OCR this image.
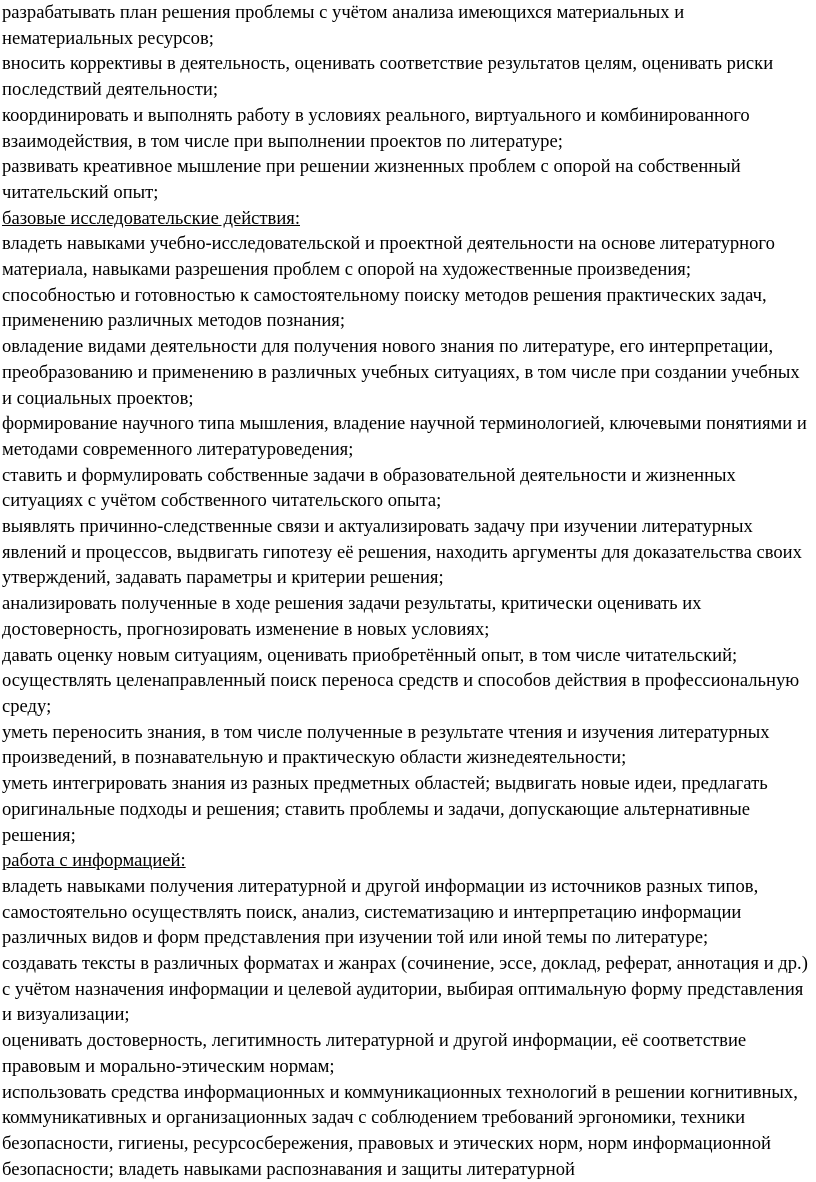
разрабатывать план решения проблемы с учётом анализа имеющихся материальных и нематериальных ресурсов;

вносить коррективы в деятельность, оценивать соответствие результатов целям, оценивать риски последствий деятельности;

координировать и выполнять работу в условиях реального, виртуального и комбинированного взаимодействия, в том числе при выполнении проектов по литературе;

развивать креативное мышление при решении жизненных проблем с опорой на собственный читательский опыт;

базовые исследовательские действия:

владеть навыками учебно-исследовательской и проектной деятельности на основе литературного материала, навыками разрешения проблем с опорой на художественные произведения;

способностью и готовностью к самостоятельному поиску методов решения практических задач, применению различных методов познания;

овладение видами деятельности для получения нового знания по литературе, его интерпретации, преобразованию и применению в различных учебных ситуациях, в том числе при создании учебных и социальных проектов;

формирование научного типа мышления, владение научной терминологией, ключевыми понятиями и методами современного литературоведения;

ставить и формулировать собственные задачи в образовательной деятельности и жизненных ситуациях с учётом собственного читательского опыта;

выявлять причинно-следственные связи и актуализировать задачу при изучении литературных явлений и процессов, выдвигать гипотезу её решения, находить аргументы для доказательства своих утверждений, задавать параметры и критерии решения;

анализировать полученные в ходе решения задачи результаты, критически оценивать их достоверность, прогнозировать изменение в новых условиях;

давать оценку новым ситуациям, оценивать приобретённый опыт, в том числе читательский;

осуществлять целенаправленный поиск переноса средств и способов действия в профессиональную среду;

уметь переносить знания, в том числе полученные в результате чтения и изучения литературных произведений, в познавательную и практическую области жизнедеятельности;

уметь интегрировать знания из разных предметных областей; выдвигать новые идеи, предлагать оригинальные подходы и решения; ставить проблемы и задачи, допускающие альтернативные решения;

работа с информацией:

владеть навыками получения литературной и другой информации из источников разных типов, самостоятельно осуществлять поиск, анализ, систематизацию и интерпретацию информации различных видов и форм представления при изучении той или иной темы по литературе;

создавать тексты в различных форматах и жанрах (сочинение, эссе, доклад, реферат, аннотация и др.) с учётом назначения информации и целевой аудитории, выбирая оптимальную форму представления и визуализации;

оценивать достоверность, легитимность литературной и другой информации, её соответствие правовым и морально-этическим нормам;

использовать средства информационных и коммуникационных технологий в решении когнитивных, коммуникативных и организационных задач с соблюдением требований эргономики, техники безопасности, гигиены, ресурсосбережения, правовых и этических норм, норм информационной безопасности; владеть навыками распознавания и защиты литературной
